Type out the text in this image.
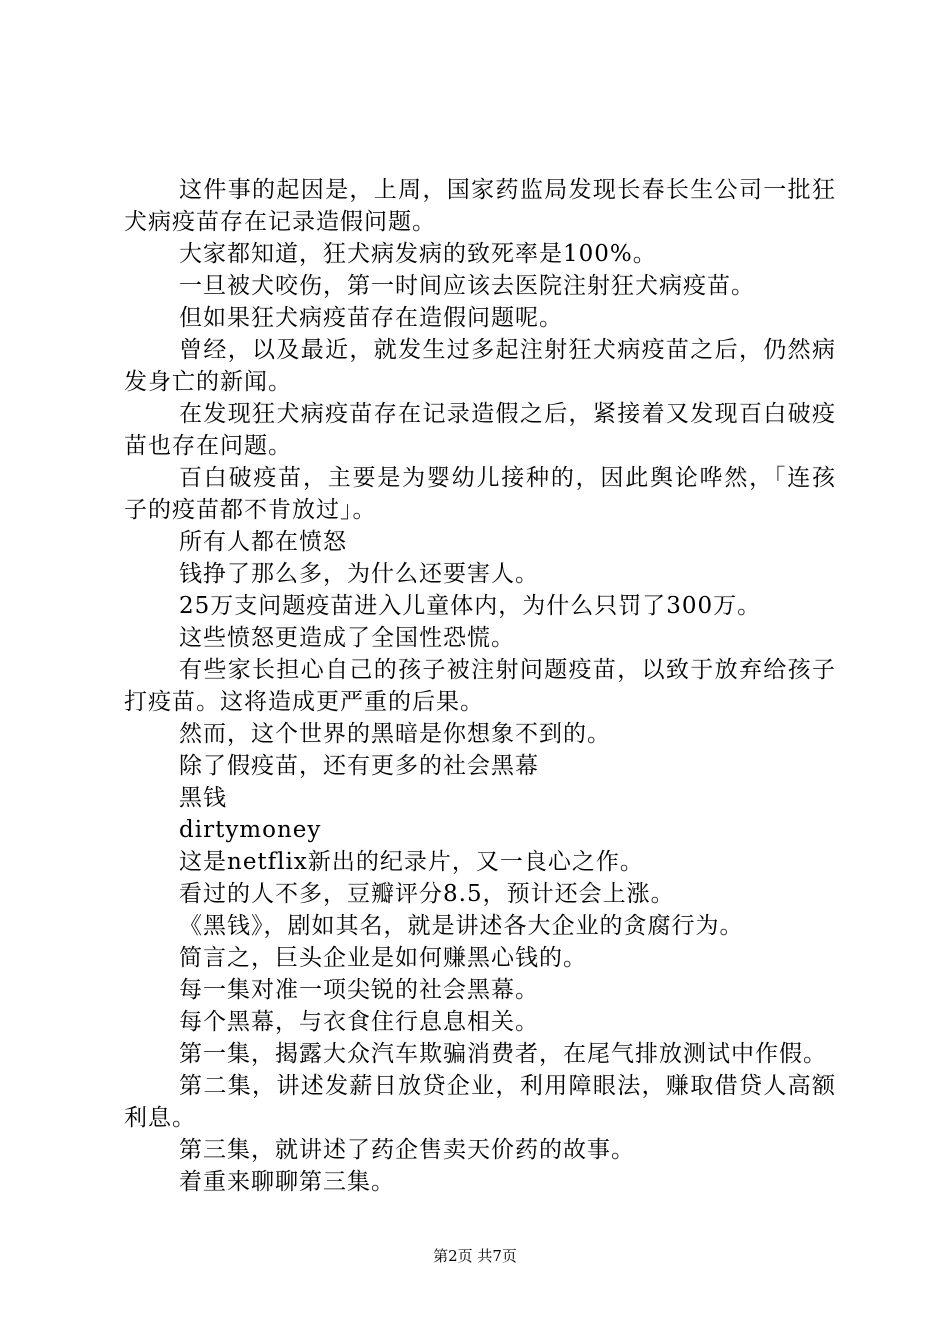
这件事的起因是，上周，国家药监局发现长春长生公司一批狂犬病疫苗存在记录造假问题。

大家都知道，狂犬病发病的致死率是100%。

一旦被犬咬伤，第一时间应该去医院注射狂犬病疫苗。

但如果狂犬病疫苗存在造假问题呢。

曾经，以及最近，就发生过多起注射狂犬病疫苗之后，仍然病发身亡的新闻。

在发现狂犬病疫苗存在记录造假之后，紧接着又发现百白破疫苗也存在问题。

百白破疫苗，主要是为婴幼儿接种的，因此舆论哗然，「连孩子的疫苗都不肯放过」。

所有人都在愤怒

钱挣了那么多，为什么还要害人。

25万支问题疫苗进入儿童体内，为什么只罚了300万。

这些愤怒更造成了全国性恐慌。

有些家长担心自己的孩子被注射问题疫苗，以致于放弃给孩子打疫苗。这将造成更严重的后果。

然而，这个世界的黑暗是你想象不到的。

除了假疫苗，还有更多的社会黑幕

黑钱

dirtymoney

这是netflix新出的纪录片，又一良心之作。

看过的人不多，豆瓣评分8.5，预计还会上涨。

《黑钱》，剧如其名，就是讲述各大企业的贪腐行为。

简言之，巨头企业是如何赚黑心钱的。

每一集对准一项尖锐的社会黑幕。

每个黑幕，与衣食住行息息相关。

第一集，揭露大众汽车欺骗消费者，在尾气排放测试中作假。

第二集，讲述发薪日放贷企业，利用障眼法，赚取借贷人高额利息。

第三集，就讲述了药企售卖天价药的故事。

着重来聊聊第三集。

第2页 共7页
